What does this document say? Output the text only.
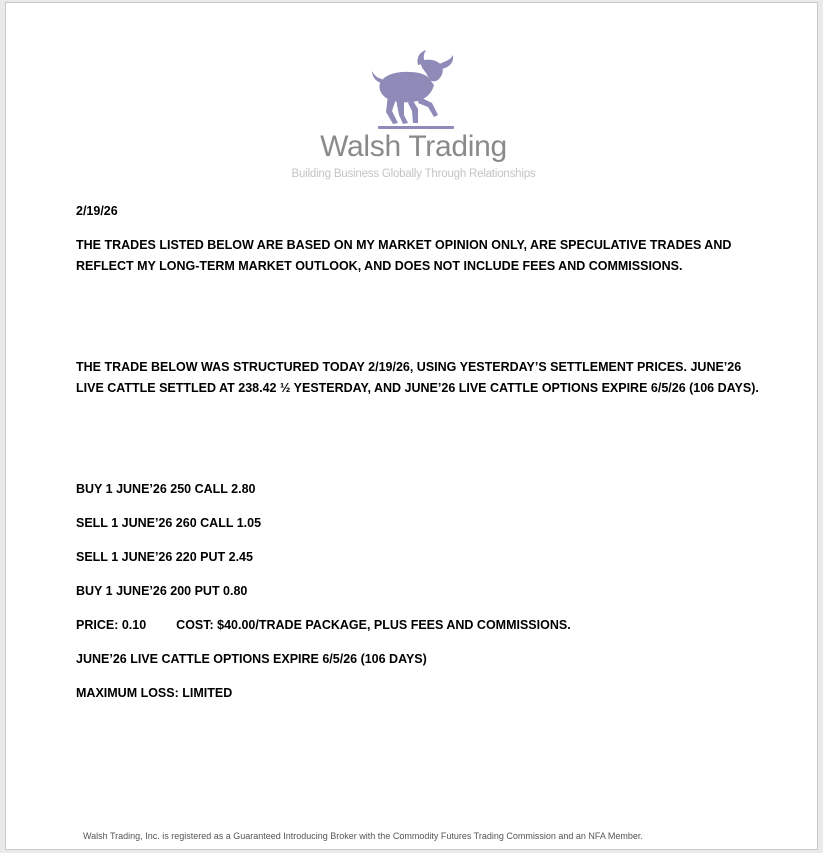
Walsh Trading
Building Business Globally Through Relationships

2/19/26

THE TRADES LISTED BELOW ARE BASED ON MY MARKET OPINION ONLY, ARE SPECULATIVE TRADES AND

REFLECT MY LONG-TERM MARKET OUTLOOK, AND DOES NOT INCLUDE FEES AND COMMISSIONS.

THE TRADE BELOW WAS STRUCTURED TODAY 2/19/26, USING YESTERDAY’S SETTLEMENT PRICES. JUNE’26

LIVE CATTLE SETTLED AT 238.42 ½ YESTERDAY, AND JUNE’26 LIVE CATTLE OPTIONS EXPIRE 6/5/26 (106 DAYS).

BUY 1 JUNE’26 250 CALL 2.80

SELL 1 JUNE’26 260 CALL 1.05

SELL 1 JUNE’26 220 PUT 2.45

BUY 1 JUNE’26 200 PUT 0.80

PRICE: 0.10 COST: $40.00/TRADE PACKAGE, PLUS FEES AND COMMISSIONS.

JUNE’26 LIVE CATTLE OPTIONS EXPIRE 6/5/26 (106 DAYS)

MAXIMUM LOSS: LIMITED

Walsh Trading, Inc. is registered as a Guaranteed Introducing Broker with the Commodity Futures Trading Commission and an NFA Member.
